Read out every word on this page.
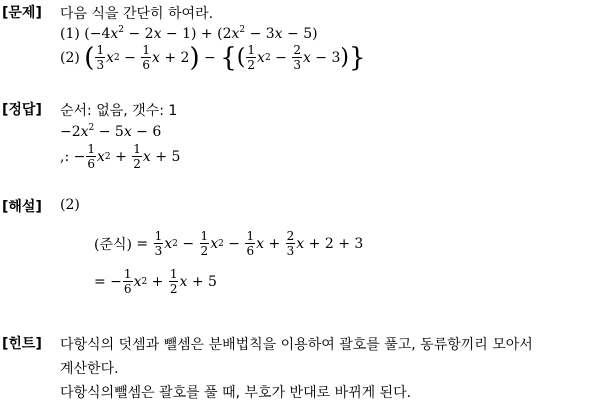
[문제] 다음 식을 간단히 하여라.
(1) $(-4x^2 - 2x - 1) + (2x^2 - 3x - 5)$
(2) ( $\frac{1}{3}$ x $2 - \frac{1}{6}$ x + 2 ) − { ( $\frac{1}{2}$ x $2 - \frac{2}{3}$ x − 3 ) }
[정답] 순서: 없음, 갯수: 1
$-2x^2 - 5x - 6$
,: − $\frac{1}{6}$ x $2 + \frac{1}{2}$ x + 5
[해설] (2)
(준식) = $\frac{1}{3}$ x $2 - \frac{1}{2}$ x $2 - \frac{1}{6}$ $x + \frac{2}{3}$ x + 2 + 3
= − $\frac{1}{6}$ x $2 + \frac{1}{2}$ x + 5
[힌트] 다항식의 덧셈과 뺄셈은 분배법칙을 이용하여 괄호를 풀고, 동류항끼리 모아서
계산한다.
다항식의뺄셈은 괄호를 풀 때, 부호가 반대로 바뀌게 된다.
